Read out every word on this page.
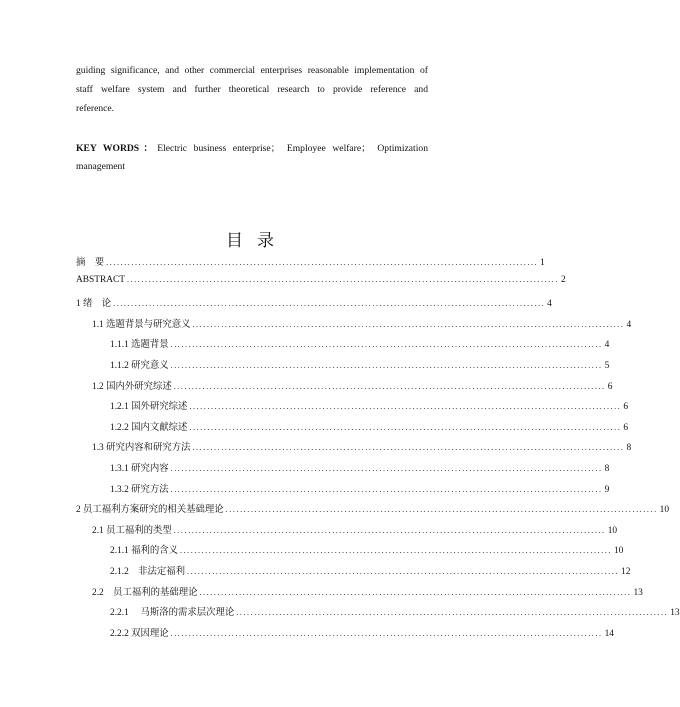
guiding significance, and other commercial enterprises reasonable implementation of
staff welfare system and further theoretical research to provide reference and
reference.
KEY WORDS：Electric business enterprise； Employee welfare； Optimization
management
目录
摘　要 ........................................................................................................................ 1
ABSTRACT ........................................................................................................................ 2
1 绪　论 ........................................................................................................................ 4
1.1 选题背景与研究意义 ........................................................................................................................ 4
1.1.1 选题背景 ........................................................................................................................ 4
1.1.2 研究意义 ........................................................................................................................ 5
1.2 国内外研究综述 ........................................................................................................................ 6
1.2.1 国外研究综述 ........................................................................................................................ 6
1.2.2 国内文献综述 ........................................................................................................................ 6
1.3 研究内容和研究方法 ........................................................................................................................ 8
1.3.1 研究内容 ........................................................................................................................ 8
1.3.2 研究方法 ........................................................................................................................ 9
2 员工福利方案研究的相关基础理论 ........................................................................................................................ 10
2.1 员工福利的类型 ........................................................................................................................ 10
2.1.1 福利的含义 ........................................................................................................................ 10
2.1.2　非法定福利 ........................................................................................................................ 12
2.2　员工福利的基础理论 ........................................................................................................................ 13
2.2.1　 马斯洛的需求层次理论 ........................................................................................................................ 13
2.2.2 双因理论 ........................................................................................................................ 14
